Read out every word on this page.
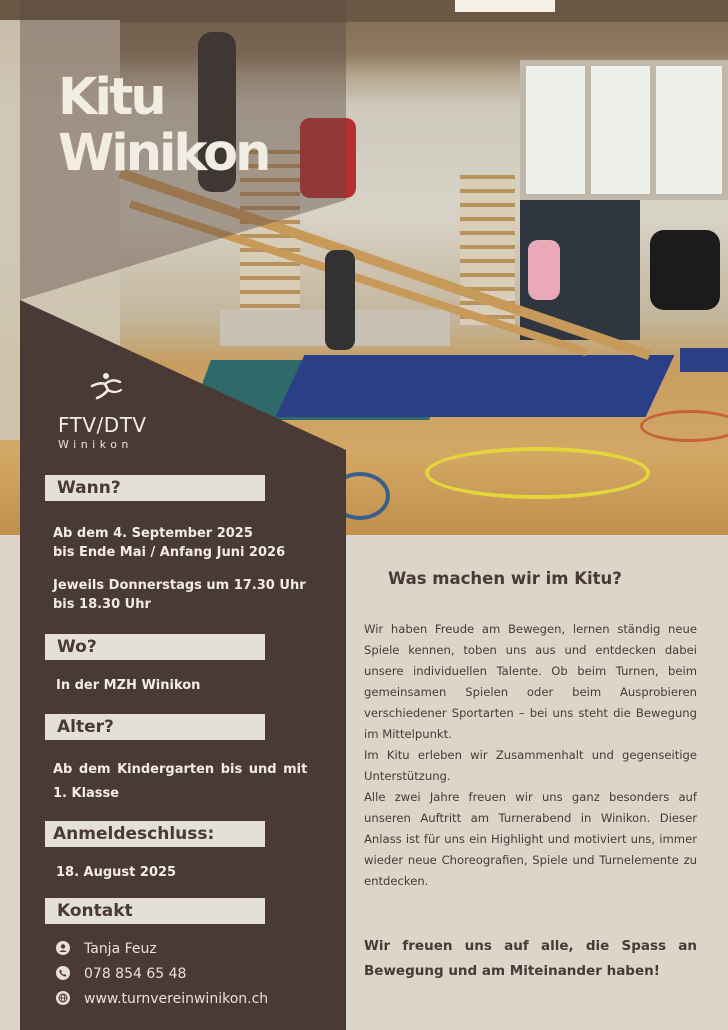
Kitu
Winikon
FTV/DTV
Winikon
Wann?
Ab dem 4. September 2025
bis Ende Mai / Anfang Juni 2026
Jeweils Donnerstags um 17.30 Uhr
bis 18.30 Uhr
Wo?
In der MZH Winikon
Alter?
Ab dem Kindergarten bis und mit
1. Klasse
Anmeldeschluss:
18. August 2025
Kontakt
Tanja Feuz
078 854 65 48
www.turnvereinwinikon.ch
Was machen wir im Kitu?

Wir haben Freude am Bewegen, lernen ständig neue Spiele kennen, toben uns aus und entdecken dabei unsere individuellen Talente. Ob beim Turnen, beim gemeinsamen Spielen oder beim Ausprobieren verschiedener Sportarten – bei uns steht die Bewegung im Mittelpunkt.

Im Kitu erleben wir Zusammenhalt und gegenseitige Unterstützung.

Alle zwei Jahre freuen wir uns ganz besonders auf unseren Auftritt am Turnerabend in Winikon. Dieser Anlass ist für uns ein Highlight und motiviert uns, immer wieder neue Choreografien, Spiele und Turnelemente zu entdecken.

Wir freuen uns auf alle, die Spass an Bewegung und am Miteinander haben!
